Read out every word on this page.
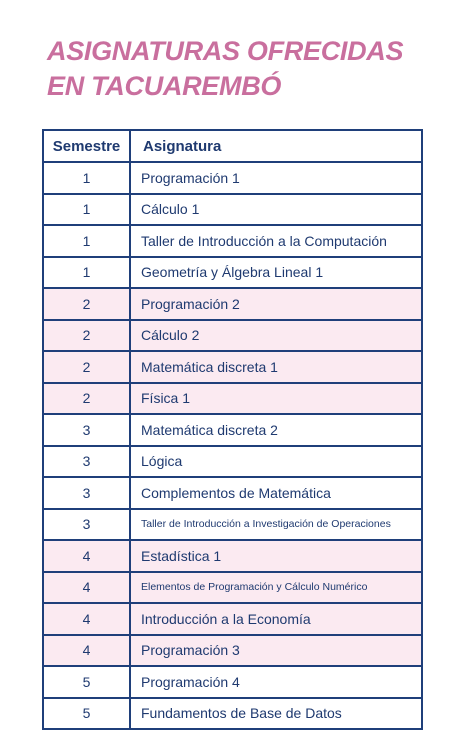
ASIGNATURAS OFRECIDAS
EN TACUAREMBÓ
Semestre	Asignatura
1	Programación 1
1	Cálculo 1
1	Taller de Introducción a la Computación
1	Geometría y Álgebra Lineal 1
2	Programación 2
2	Cálculo 2
2	Matemática discreta 1
2	Física 1
3	Matemática discreta 2
3	Lógica
3	Complementos de Matemática
3	Taller de Introducción a Investigación de Operaciones
4	Estadística 1
4	Elementos de Programación y Cálculo Numérico
4	Introducción a la Economía
4	Programación 3
5	Programación 4
5	Fundamentos de Base de Datos
